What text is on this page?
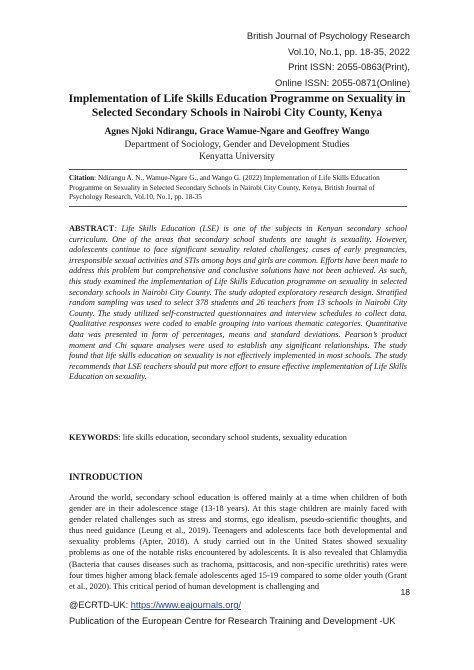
British Journal of Psychology Research
Vol.10, No.1, pp. 18-35, 2022
Print ISSN: 2055-0863(Print),
Online ISSN: 2055-0871(Online)
Implementation of Life Skills Education Programme on Sexuality in Selected Secondary Schools in Nairobi City County, Kenya
Agnes Njoki Ndirangu, Grace Wamue-Ngare and Geoffrey Wango
Department of Sociology, Gender and Development Studies
Kenyatta University
Citation: Ndirangu A. N., Wamue-Ngare G., and Wango G. (2022) Implementation of Life Skills Education Programme on Sexuality in Selected Secondary Schools in Nairobi City County, Kenya, British Journal of Psychology Research, Vol.10, No.1, pp. 18-35
ABSTRACT: Life Skills Education (LSE) is one of the subjects in Kenyan secondary school curriculum. One of the areas that secondary school students are taught is sexuality. However, adolescents continue to face significant sexuality related challenges; cases of early pregnancies, irresponsible sexual activities and STIs among boys and girls are common. Efforts have been made to address this problem but comprehensive and conclusive solutions have not been achieved. As such, this study examined the implementation of Life Skills Education programme on sexuality in selected secondary schools in Nairobi City County. The study adopted exploratory research design. Stratified random sampling was used to select 378 students and 26 teachers from 13 schools in Nairobi City County. The study utilized self-constructed questionnaires and interview schedules to collect data. Qualitative responses were coded to enable grouping into various thematic categories. Quantitative data was presented in form of percentages, means and standard deviations. Pearson’s product moment and Chi square analyses were used to establish any significant relationships. The study found that life skills education on sexuality is not effectively implemented in most schools. The study recommends that LSE teachers should put more effort to ensure effective implementation of Life Skills Education on sexuality.
KEYWORDS: life skills education, secondary school students, sexuality education
INTRODUCTION

Around the world, secondary school education is offered mainly at a time when children of both gender are in their adolescence stage (13-18 years). At this stage children are mainly faced with gender related challenges such as stress and storms, ego idealism, pseudo-scientific thoughts, and thus need guidance (Leung et al., 2019). Teenagers and adolescents face both developmental and sexuality problems (Apter, 2018). A study carried out in the United States showed sexuality problems as one of the notable risks encountered by adolescents. It is also revealed that Chlamydia (Bacteria that causes diseases such as trachoma, psittacosis, and non-specific urethritis) rates were four times higher among black female adolescents aged 15-19 compared to some older youth (Grant et al., 2020). This critical period of human development is challenging and

18
@ECRTD-UK: https://www.eajournals.org/
Publication of the European Centre for Research Training and Development -UK
